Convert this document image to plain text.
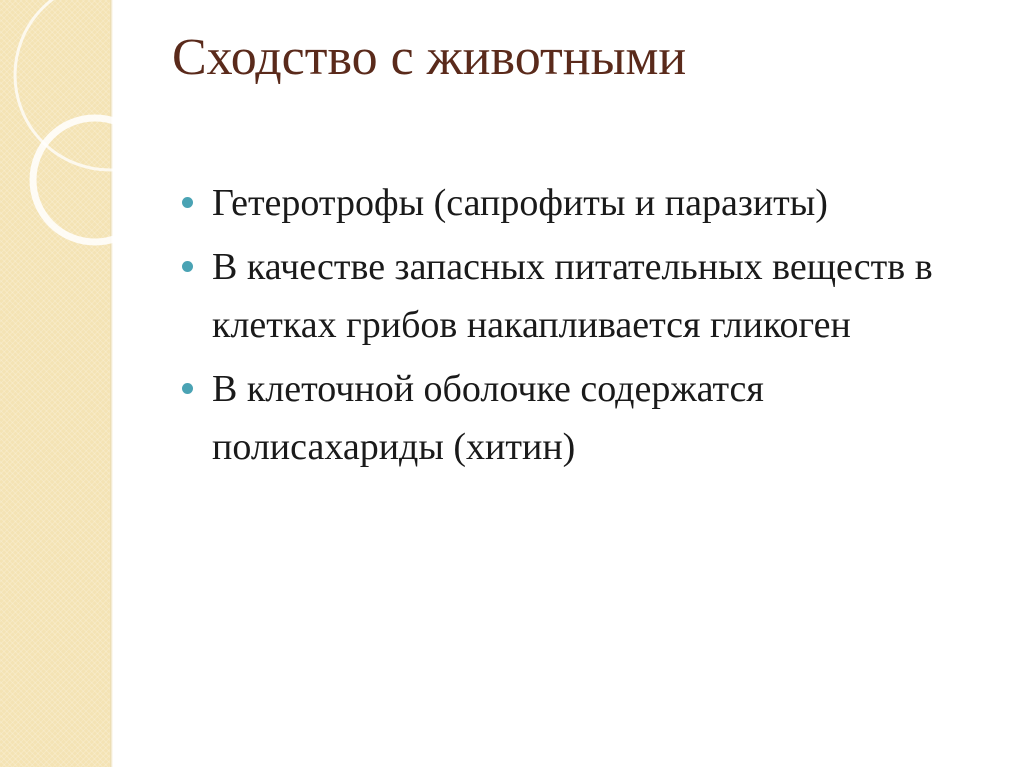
Сходство с животными
Гетеротрофы (сапрофиты и паразиты)
В качестве запасных питательных веществ в клетках грибов накапливается гликоген
В клеточной оболочке содержатся полисахариды (хитин)
